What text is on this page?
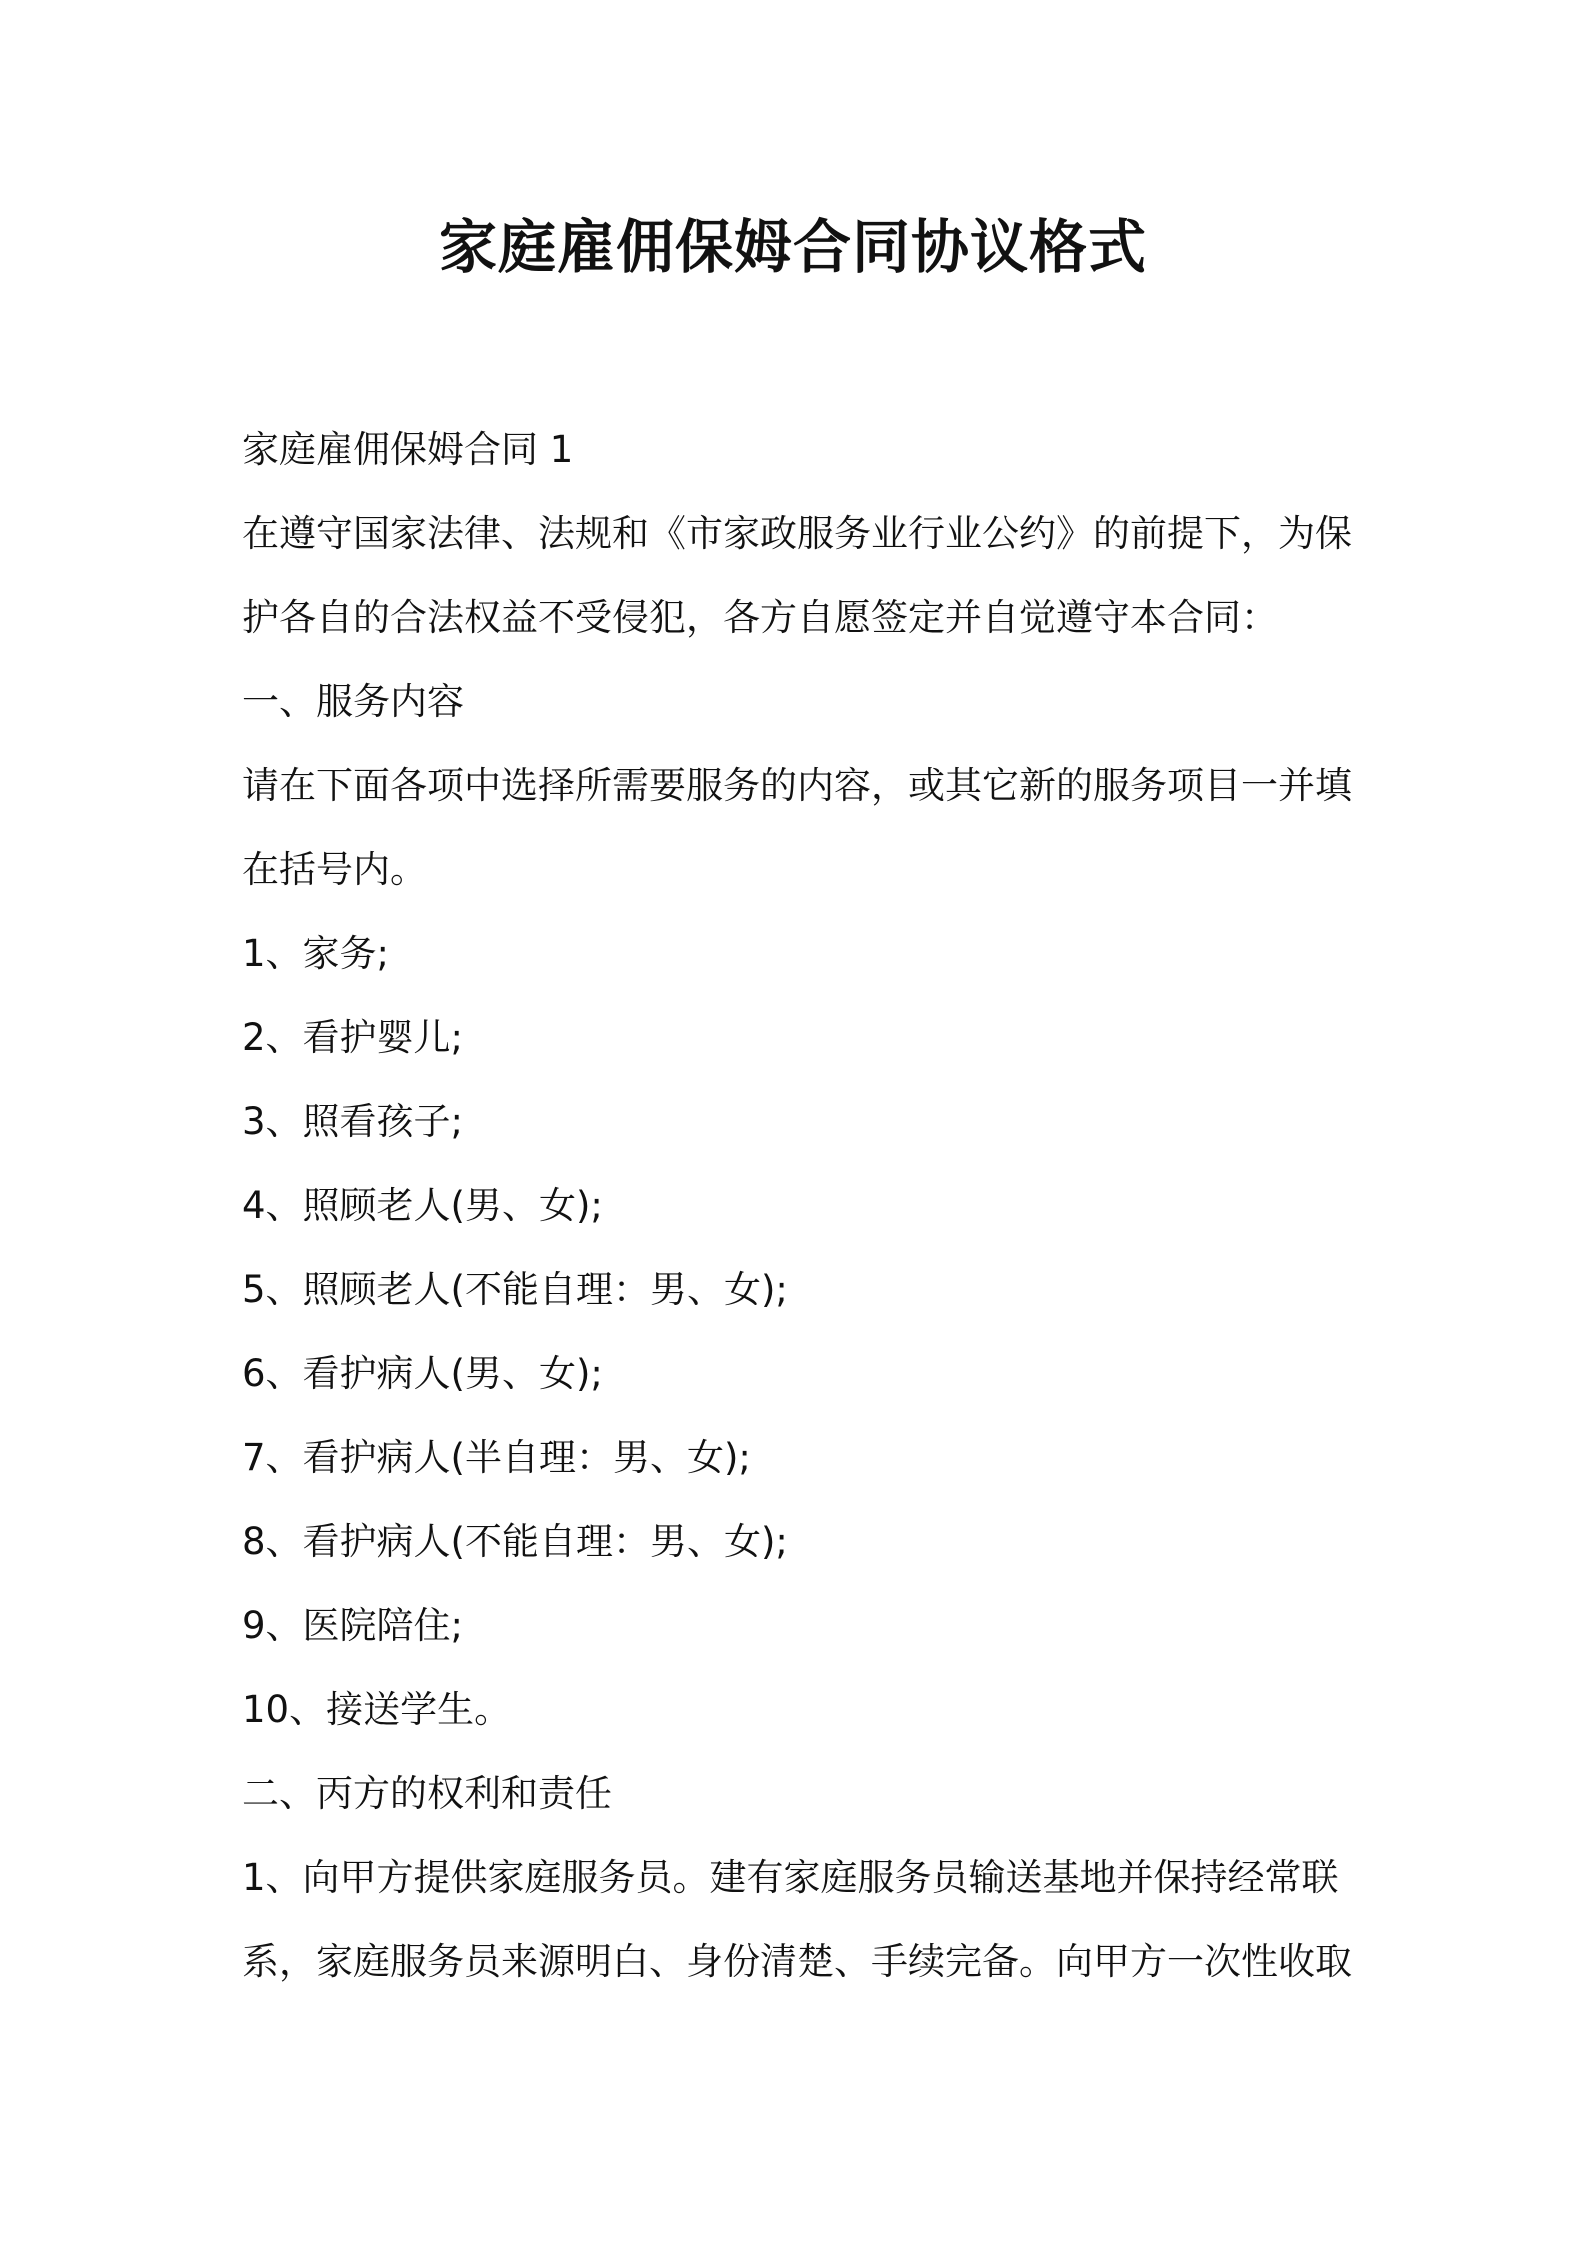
家庭雇佣保姆合同协议格式

家庭雇佣保姆合同 1

在遵守国家法律、法规和《市家政服务业行业公约》的前提下，为保

护各自的合法权益不受侵犯，各方自愿签定并自觉遵守本合同：

一、服务内容

请在下面各项中选择所需要服务的内容，或其它新的服务项目一并填

在括号内。

1、家务;

2、看护婴儿;

3、照看孩子;

4、照顾老人(男、女);

5、照顾老人(不能自理：男、女);

6、看护病人(男、女);

7、看护病人(半自理：男、女);

8、看护病人(不能自理：男、女);

9、医院陪住;

10、接送学生。

二、丙方的权利和责任

1、向甲方提供家庭服务员。建有家庭服务员输送基地并保持经常联

系，家庭服务员来源明白、身份清楚、手续完备。向甲方一次性收取
